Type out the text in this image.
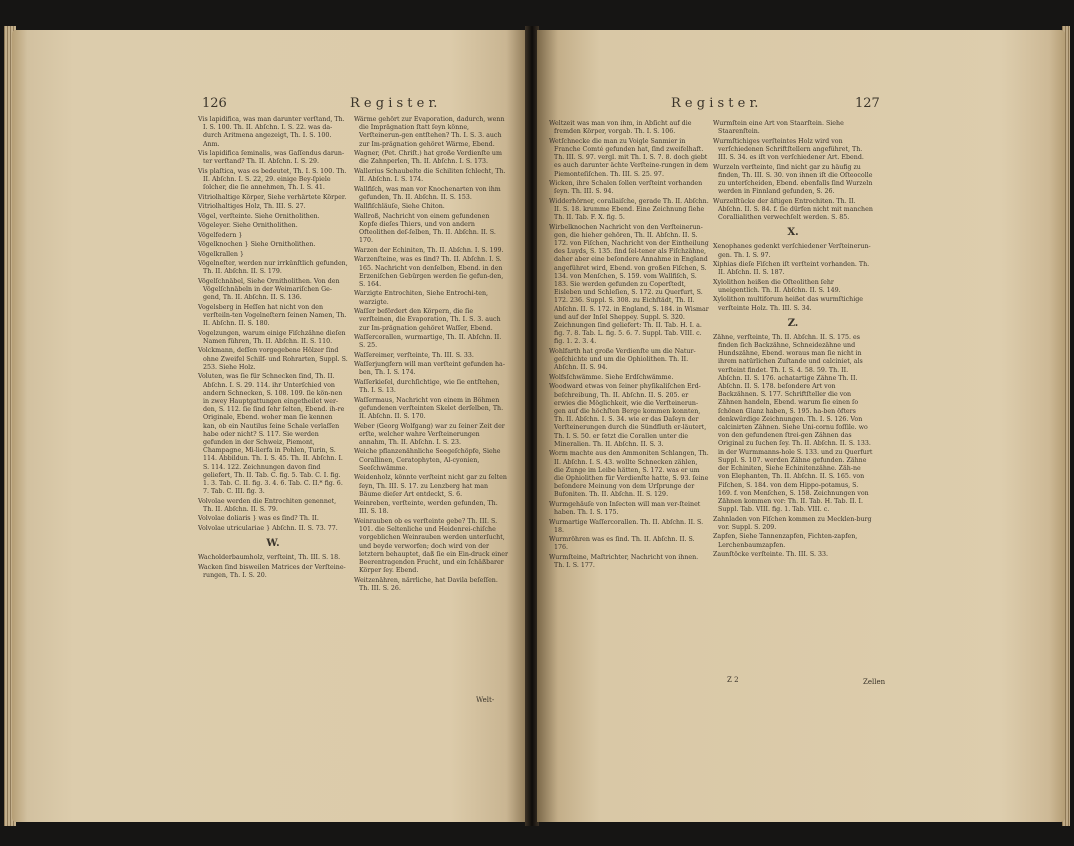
126	R e g i s t e r.
Vis lapidifica, was man darunter verſtand, Th. I. S. 100. Th. II. Abſchn. I. S. 22. was da-durch Aritmena angezeigt, Th. I. S. 100. Anm.
Vis lapidifica ſeminalis, was Gaſſendus darun-ter verſtand? Th. II. Abſchn. I. S. 29.
Vis plaſtica, was es bedeutet, Th. I. S. 100. Th. II. Abſchn. I. S. 22, 29. einige Bey-ſpiele ſolcher, die ſie annehmen, Th. I. S. 41.
Vitriolhaltige Körper, Siehe verhärtete Körper.
Vitriolhaltiges Holz, Th. III. S. 27.
Vögel, verſteinte. Siehe Ornitholithen.
Vögeleyer. Siehe Ornitholithen.
Vögelfedern }
Vögelknochen } Siehe Ornitholithen.
Vögelkrallen }
Vögelneſter, werden nur irrkünſtlich gefunden, Th. II. Abſchn. II. S. 179.
Vögelſchnäbel, Siehe Ornitholithen. Von den Vögelſchnäbeln in der Weimariſchen Ge-gend, Th. II. Abſchn. II. S. 136.
Vogelsberg in Heſſen hat nicht von den verſteiln-ten Vogelneſtern ſeinen Namen, Th. II. Abſchn. II. S. 180.
Vogelzungen, warum einige Fiſchzähne dieſen Namen führen, Th. II. Abſchn. II. S. 110.
Volckmann, deſſen vorgegebene Hölzer ſind ohne Zweifel Schilf- und Rohrarten, Suppl. S. 253. Siehe Holz.
Voluten, was ſie für Schnecken ſind, Th. II. Abſchn. I. S. 29. 114. ihr Unterſchied von andern Schnecken, S. 108. 109. ſie kön-nen in zwey Hauptgattungen eingetheilet wer-den, S. 112. ſie ſind ſehr ſelten, Ebend. ih-re Originale, Ebend. woher man ſie kennen kan, ob ein Nautilus ſeine Schale verlaſſen habe oder nicht? S. 117. Sie werden gefunden in der Schweiz, Piemont, Champagne, Mi-lierfa in Pohlen, Turin, S. 114. Abbildun. Th. I. S. 45. Th. II. Abſchn. I. S. 114. 122. Zeichnungen davon ſind geliefert, Th. II. Tab. C. fig. 5. Tab. C. I. fig. 1. 3. Tab. C. II. fig. 3. 4. 6. Tab. C. II.* fig. 6. 7. Tab. C. III. fig. 3.
Volvolae werden die Entrochiten genennet, Th. II. Abſchn. II. S. 79.
Volvolae doliaris } was es ſind? Th. II.
Volvolae utriculariae } Abſchn. II. S. 73. 77.
W.
Wacholderbaumholz, verſteint, Th. III. S. 18.
Wacken ſind bisweilen Matrices der Verſteine-rungen, Th. I. S. 20.
Wärme gehört zur Evaporation, dadurch, wenn die Imprägnation ſtatt ſeyn könne, Verſteinerun-gen entſtehen? Th. I. S. 3. auch zur Im-prägnation gehöret Wärme, Ebend.
Wagner, (Pet. Chriſt.) hat große Verdienſte um die Zahnperlen, Th. II. Abſchn. I. S. 173.
Wallerius Schaubelte die Schiliten ſchlecht, Th. II. Abſchn. I. S. 174.
Wallfiſch, was man vor Knochenarten von ihm gefunden, Th. II. Abſchn. II. S. 153.
Wallfiſchläuſe, Siehe Chiton.
Wallroß, Nachricht von einem gefundenen Kopfe dieſes Thiers, und von andern Ofteolithen deſ-ſelben, Th. II. Abſchn. II. S. 170.
Warzen der Echiniten, Th. II. Abſchn. I. S. 199.
Warzenſteine, was es ſind? Th. II. Abſchn. I. S. 165. Nachricht von denſelben, Ebend. in den Erzeniſchen Gebürgen werden ſie gefun-den, S. 164.
Warzigte Entrochiten, Siehe Entrochi-ten, warzigte.
Waſſer befördert den Körpern, die ſie verſteinen, die Evaporation, Th. I. S. 3. auch zur Im-prägnation gehöret Waſſer, Ebend.
Waſſercorallen, wurmartige, Th. II. Abſchn. II. S. 25.
Waſſereimer, verſteinte, Th. III. S. 33.
Waſſerjungfern will man verſteint gefunden ha-ben, Th. I. S. 174.
Waſſerkieſel, durchſichtige, wie ſie entſtehen, Th. I. S. 13.
Waſſermaus, Nachricht von einem in Böhmen gefundenen verſteinten Skelet derſelben, Th. II. Abſchn. II. S. 170.
Weber (Georg Wolfgang) war zu ſeiner Zeit der erſte, welcher wahre Verſteinerungen annahm, Th. II. Abſchn. I. S. 23.
Weiche pflanzenähnliche Seegeſchöpfe, Siehe Corallinen, Ceratophyten, Al-cyonien, Seeſchwämme.
Weidenholz, könnte verſteint nicht gar zu ſelten ſeyn, Th. III. S. 17. zu Lenzberg hat man Bäume dieſer Art entdeckt, S. 6.
Weinreben, verſteinte, werden gefunden, Th. III. S. 18.
Weinrauben ob es verſteinte gebe? Th. III. S. 101. die Seltenliche und Heidenrei-chiſche vorgeblichen Weinrauben werden unterſucht, und beyde verworfen; doch wird von der letztern behauptet, daß ſie ein Ein-druck einer Beerentragenden Frucht, und ein ſchäßbarer Körper ſey. Ebend.
Weitzenähren, närrliche, hat Davila beſeſſen. Th. III. S. 26.
Welt-
R e g i s t e r.	127
Weltzeit was man von ihm, in Abſicht auf die fremden Körper, vorgab. Th. I. S. 106.
Wetſchnecke die man zu Voigle Sanmier in Franche Comté gefunden hat, ſind zweifelhaft. Th. III. S. 97. vergl. mit Th. I. S. 7. 8. doch giebt es auch darunter ächte Verſteine-rungen in dem Piemonteſiſchen. Th. III. S. 25. 97.
Wicken, ihre Schalen ſollen verſteint vorhanden ſeyn. Th. III. S. 94.
Widderhörner, corallaiſche, gerade Th. II. Abſchn. II. S. 18. krumme Ebend. Eine Zeichnung ſiehe Th. II. Tab. F. X. fig. 5.
Wirbelknochen Nachricht von den Verſteinerun-gen, die hieher gehören, Th. II. Abſchn. II. S. 172. von Fiſchen, Nachricht von der Eintheilung des Luyds, S. 135. ſind ſel-tener als Fiſchzähne, daher aber eine beſondere Annahme in England angeführet wird, Ebend. von großen Fiſchen, S. 134. von Menſchen, S. 159. vom Wallfiſch, S. 183. Sie werden gefunden zu Coperſtedt, Eisleben und Schleſien, S. 172. zu Querfurt, S. 172. 236. Suppl. S. 308. zu Eichſtädt, Th. II. Abſchn. II. S. 172. in England, S. 184. in Wismar und auf der Inſel Sheppey. Suppl. S. 320. Zeichnungen ſind geliefert: Th. II. Tab. H. I. a. fig. 7. 8. Tab. L. fig. 5. 6. 7. Suppl. Tab. VIII. c. fig. 1. 2. 3. 4.
Wohlfarth hat große Verdienſte um die Natur-geſchichte und um die Ophiolithen. Th. II. Abſchn. II. S. 94.
Wolfsſchwämme. Siehe Erdſchwämme.
Woodward etwas von ſeiner phyſikaliſchen Erd-beſchreibung, Th. II. Abſchn. II. S. 205. er erwies die Möglichkeit, wie die Verſteinerun-gen auf die höchſten Berge kommen konnten, Th. II. Abſchn. I. S. 34. wie er das Daſeyn der Verſteinerungen durch die Sündfluth er-läutert, Th. I. S. 50. er ſetzt die Corallen unter die Mineralien. Th. II. Abſchn. II. S. 3.
Worm machte aus den Ammoniten Schlangen, Th. II. Abſchn. I. S. 43. wollte Schnecken zählen, die Zunge im Leibe hätten, S. 172. was er um die Ophiolithen für Verdienſte hatte, S. 93. ſeine beſondere Meinung von dem Urſprunge der Bufoniten. Th. II. Abſchn. II. S. 129.
Wurmgehäuſe von Inſecten will man ver-ſteinet haben. Th. I. S. 175.
Wurmartige Waſſercorallen. Th. II. Abſchn. II. S. 18.
Wurmröhren was es ſind. Th. II. Abſchn. II. S. 176.
Wurmſteine, Maſtrichter, Nachricht von ihnen. Th. I. S. 177.
Wurmſtein eine Art von Staarſtein. Siehe Staarenſtein.
Wurmſtichiges verſteintes Holz wird von verſchiedenen Schriftſtellern angeführet, Th. III. S. 34. es iſt von verſchiedener Art. Ebend.
Wurzeln verſteinte, ſind nicht gar zu häufig zu finden, Th. III. S. 30. von ihnen iſt die Oſteocolle zu unterſcheiden, Ebend. ebenfalls ſind Wurzeln werden in Finnland gefunden, S. 26.
Wurzelſtücke der äſtigen Entrochiten. Th. II. Abſchn. II. S. 84. f. ſie dürfen nicht mit manchen Corallialithen verwechſelt werden. S. 85.
X.
Xenophanes gedenkt verſchiedener Verſteinerun-gen. Th. I. S. 97.
Xiphias dieſe Fiſchen iſt verſteint vorhanden. Th. II. Abſchn. II. S. 187.
Xylolithon heißen die Oſteolithen ſehr uneigentlich. Th. II. Abſchn. II. S. 149.
Xylolithon multiforum heißet das wurmſtichige verſteinte Holz. Th. III. S. 34.
Z.
Zähne, verſteinte, Th. II. Abſchn. II. S. 175. es finden ſich Backzähne, Schneidezähne und Hundszähne, Ebend. woraus man ſie nicht in ihrem natürlichen Zuſtande und calciniet, als verſteint findet. Th. I. S. 4. 58. 59. Th. II. Abſchn. II. S. 176. achatartige Zähne Th. II. Abſchn. II. S. 178. beſondere Art von Backzähnen. S. 177. Schriftſteller die von Zähnen handeln, Ebend. warum ſie einen ſo ſchönen Glanz haben, S. 195. ha-ben öfters denkwürdige Zeichnungen. Th. I. S. 126. Von calcinirten Zähnen. Siehe Uni-cornu foſſile. wo von den gefundenen ſtrei-gen Zähnen das Original zu ſuchen ſey. Th. II. Abſchn. II. S. 133. in der Wurmmanns-hole S. 133. und zu Querfurt Suppl. S. 107. werden Zähne gefunden. Zähne der Echiniten, Siehe Echinitenzähne. Zäh-ne von Elephanten, Th. II. Abſchn. II. S. 165. von Fiſchen, S. 184. von dem Hippo-potamus, S. 169. f. von Menſchen, S. 158. Zeichnungen von Zähnen kommen vor: Th. II. Tab. H. Tab. II. I. Suppl. Tab. VIII. fig. 1. Tab. VIII. c.
Zahnladen von Fiſchen kommen zu Mecklen-burg vor. Suppl. S. 209.
Zapfen, Siehe Tannenzapfen, Fichten-zapfen, Lerchenbaumzapfen.
Zaunſtöcke verſteinte. Th. III. S. 33.
Z 2	Zellen
